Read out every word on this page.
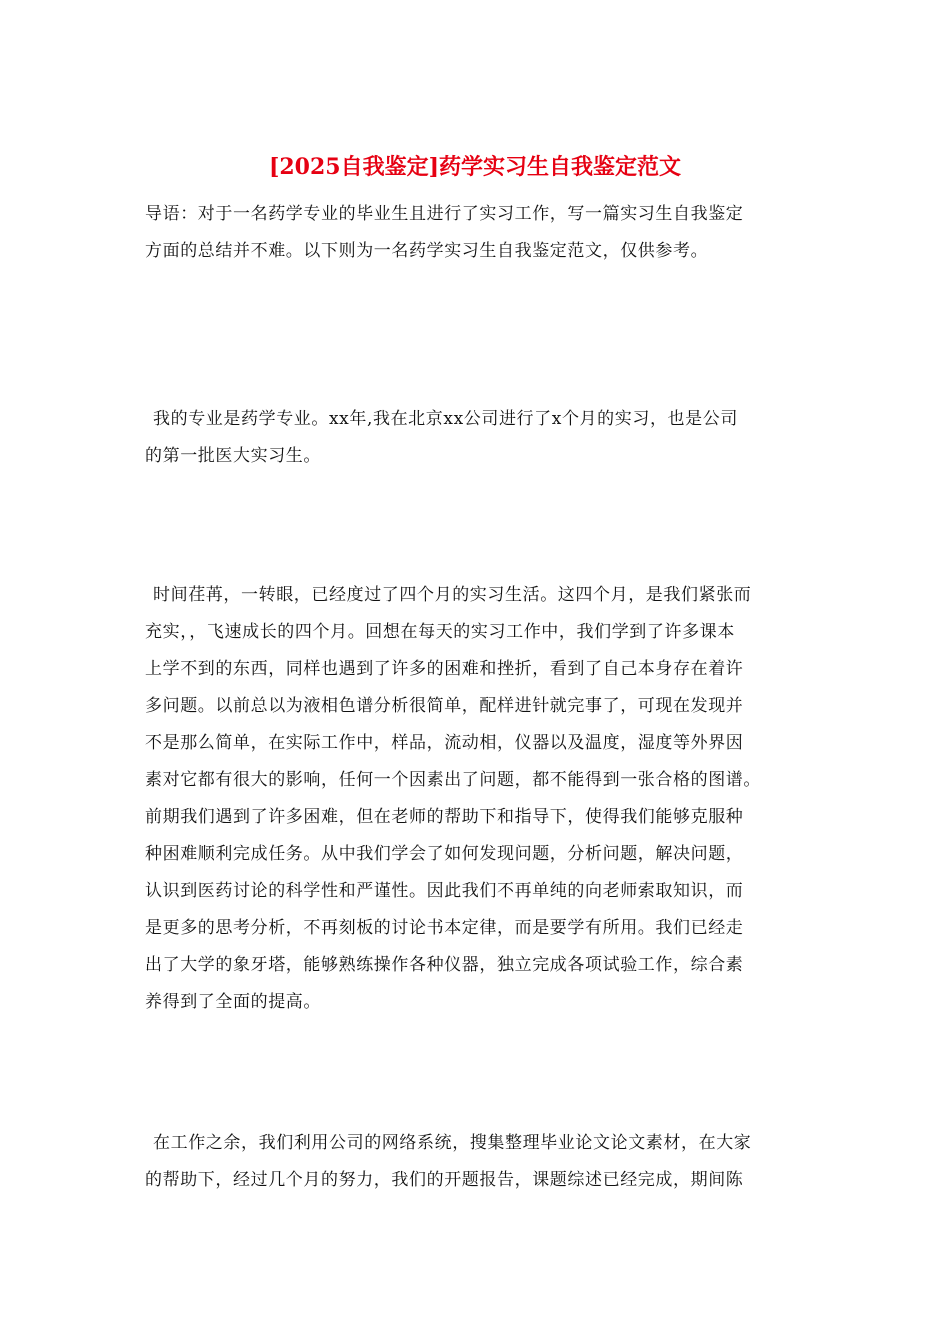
[2025自我鉴定]药学实习生自我鉴定范文
导语：对于一名药学专业的毕业生且进行了实习工作，写一篇实习生自我鉴定
方面的总结并不难。以下则为一名药学实习生自我鉴定范文，仅供参考。
我的专业是药学专业。xx年,我在北京xx公司进行了x个月的实习，也是公司
的第一批医大实习生。
时间荏苒，一转眼，已经度过了四个月的实习生活。这四个月，是我们紧张而
充实，，飞速成长的四个月。回想在每天的实习工作中，我们学到了许多课本
上学不到的东西，同样也遇到了许多的困难和挫折，看到了自己本身存在着许
多问题。以前总以为液相色谱分析很简单，配样进针就完事了，可现在发现并
不是那么简单，在实际工作中，样品，流动相，仪器以及温度，湿度等外界因
素对它都有很大的影响，任何一个因素出了问题，都不能得到一张合格的图谱。
前期我们遇到了许多困难，但在老师的帮助下和指导下，使得我们能够克服种
种困难顺利完成任务。从中我们学会了如何发现问题，分析问题，解决问题，
认识到医药讨论的科学性和严谨性。因此我们不再单纯的向老师索取知识，而
是更多的思考分析，不再刻板的讨论书本定律，而是要学有所用。我们已经走
出了大学的象牙塔，能够熟练操作各种仪器，独立完成各项试验工作，综合素
养得到了全面的提高。
在工作之余，我们利用公司的网络系统，搜集整理毕业论文论文素材，在大家
的帮助下，经过几个月的努力，我们的开题报告，课题综述已经完成，期间陈
